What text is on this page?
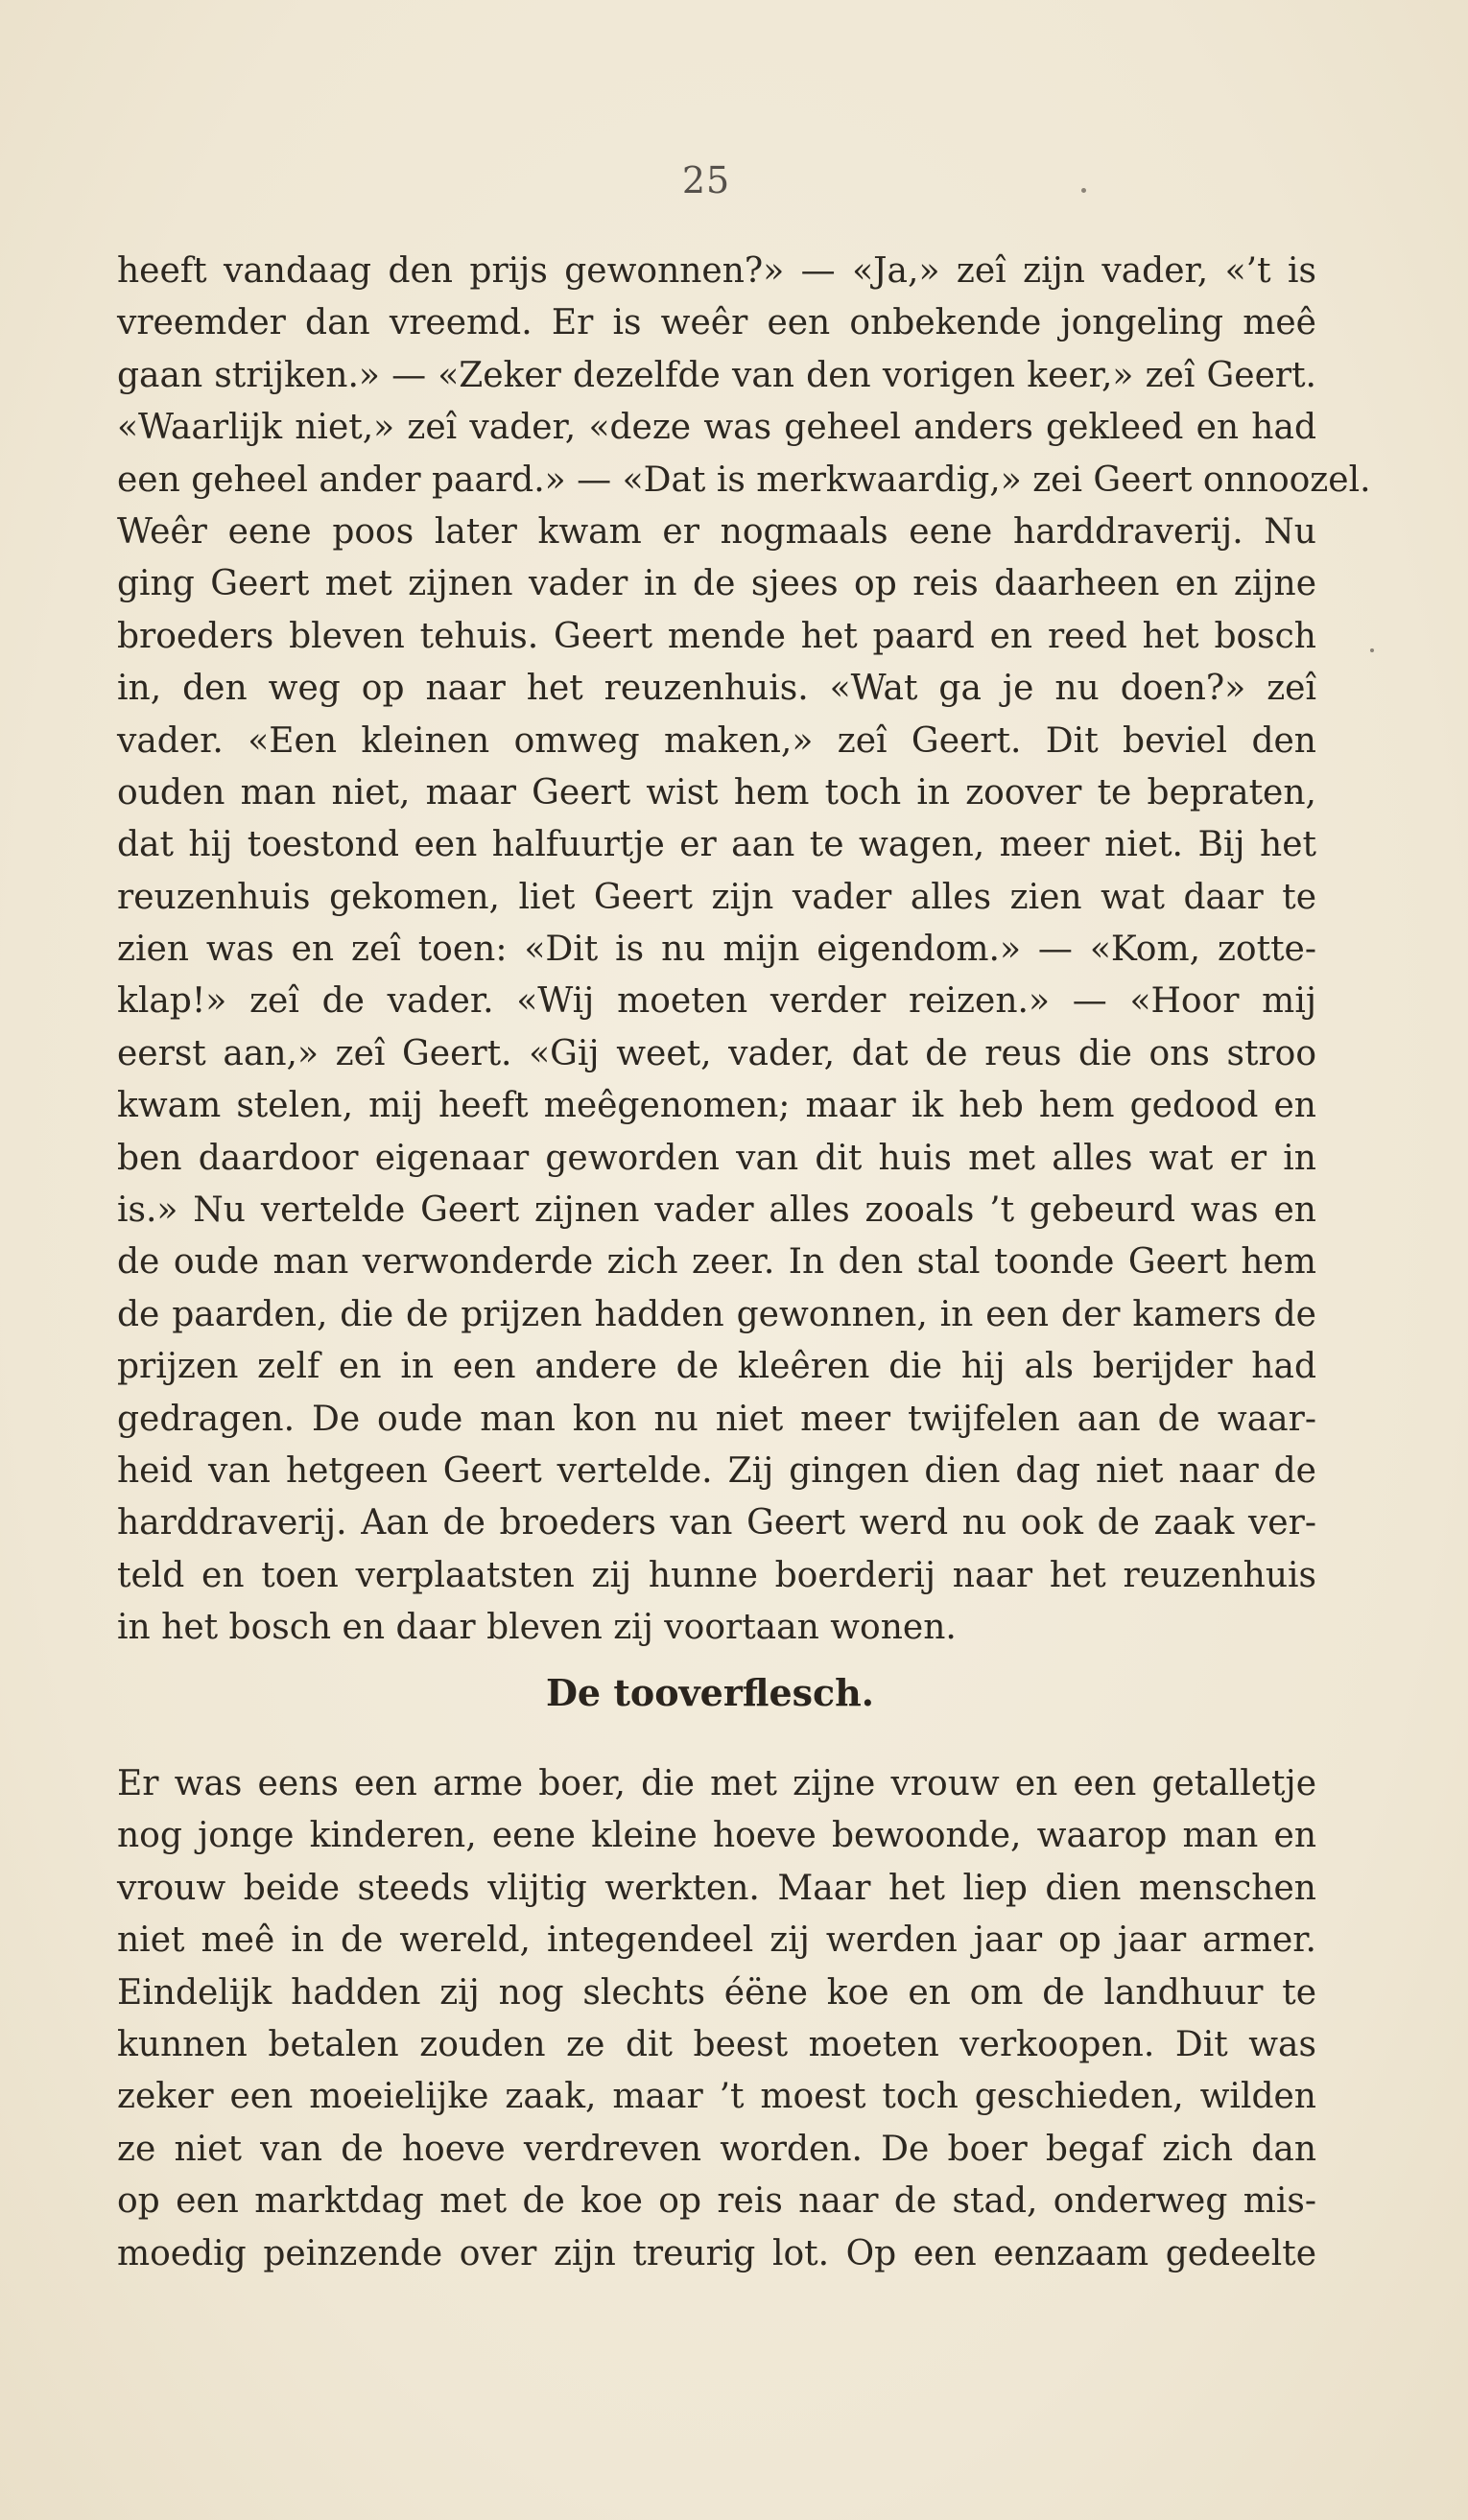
25
heeft vandaag den prijs gewonnen?» — «Ja,» zeî zijn vader, «’t is
vreemder dan vreemd. Er is weêr een onbekende jongeling meê
gaan strijken.» — «Zeker dezelfde van den vorigen keer,» zeî Geert.
«Waarlijk niet,» zeî vader, «deze was geheel anders gekleed en had
een geheel ander paard.» — «Dat is merkwaardig,» zei Geert onnoozel.
Weêr eene poos later kwam er nogmaals eene harddraverij. Nu
ging Geert met zijnen vader in de sjees op reis daarheen en zijne
broeders bleven tehuis. Geert mende het paard en reed het bosch
in, den weg op naar het reuzenhuis. «Wat ga je nu doen?» zeî
vader. «Een kleinen omweg maken,» zeî Geert. Dit beviel den
ouden man niet, maar Geert wist hem toch in zoover te bepraten,
dat hij toestond een halfuurtje er aan te wagen, meer niet. Bij het
reuzenhuis gekomen, liet Geert zijn vader alles zien wat daar te
zien was en zeî toen: «Dit is nu mijn eigendom.» — «Kom, zotte-
klap!» zeî de vader. «Wij moeten verder reizen.» — «Hoor mij
eerst aan,» zeî Geert. «Gij weet, vader, dat de reus die ons stroo
kwam stelen, mij heeft meêgenomen; maar ik heb hem gedood en
ben daardoor eigenaar geworden van dit huis met alles wat er in
is.» Nu vertelde Geert zijnen vader alles zooals ’t gebeurd was en
de oude man verwonderde zich zeer. In den stal toonde Geert hem
de paarden, die de prijzen hadden gewonnen, in een der kamers de
prijzen zelf en in een andere de kleêren die hij als berijder had
gedragen. De oude man kon nu niet meer twijfelen aan de waar-
heid van hetgeen Geert vertelde. Zij gingen dien dag niet naar de
harddraverij. Aan de broeders van Geert werd nu ook de zaak ver-
teld en toen verplaatsten zij hunne boerderij naar het reuzenhuis
in het bosch en daar bleven zij voortaan wonen.
De tooverflesch.
Er was eens een arme boer, die met zijne vrouw en een getalletje
nog jonge kinderen, eene kleine hoeve bewoonde, waarop man en
vrouw beide steeds vlijtig werkten. Maar het liep dien menschen
niet meê in de wereld, integendeel zij werden jaar op jaar armer.
Eindelijk hadden zij nog slechts éëne koe en om de landhuur te
kunnen betalen zouden ze dit beest moeten verkoopen. Dit was
zeker een moeielijke zaak, maar ’t moest toch geschieden, wilden
ze niet van de hoeve verdreven worden. De boer begaf zich dan
op een marktdag met de koe op reis naar de stad, onderweg mis-
moedig peinzende over zijn treurig lot. Op een eenzaam gedeelte
